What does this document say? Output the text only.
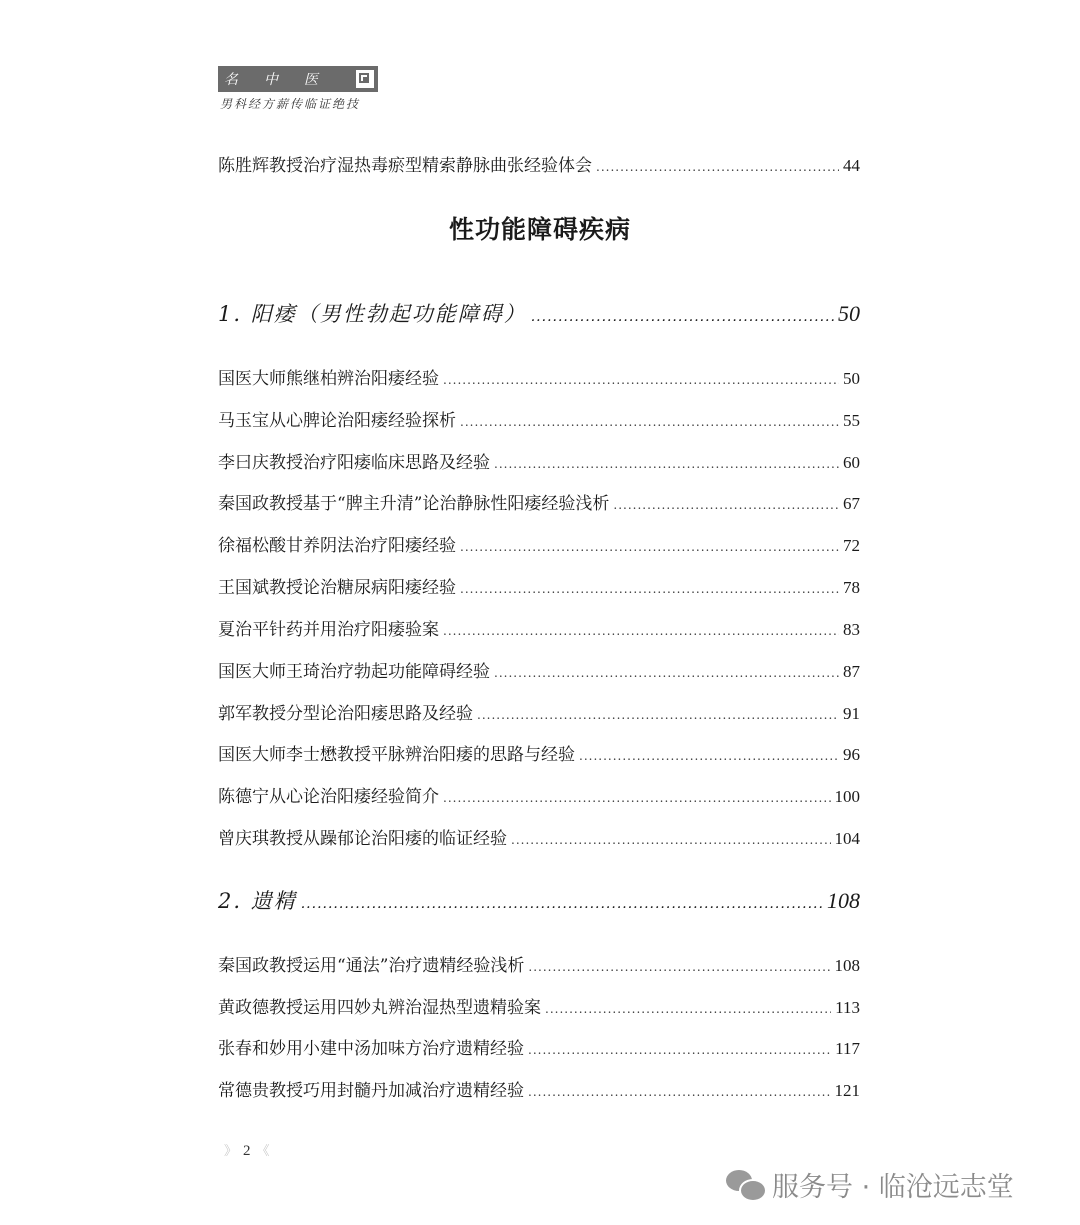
名中医
男科经方薪传临证绝技
陈胜辉教授治疗湿热毒瘀型精索静脉曲张经验体会 .....	44
性功能障碍疾病
1. 阳痿（男性勃起功能障碍） .....	50
国医大师熊继柏辨治阳痿经验 .....	50
马玉宝从心脾论治阳痿经验探析 .....	55
李曰庆教授治疗阳痿临床思路及经验 .....	60
秦国政教授基于“脾主升清”论治静脉性阳痿经验浅析 .....	67
徐福松酸甘养阴法治疗阳痿经验 .....	72
王国斌教授论治糖尿病阳痿经验 .....	78
夏治平针药并用治疗阳痿验案 .....	83
国医大师王琦治疗勃起功能障碍经验 .....	87
郭军教授分型论治阳痿思路及经验 .....	91
国医大师李士懋教授平脉辨治阳痿的思路与经验 .....	96
陈德宁从心论治阳痿经验简介 .....	100
曾庆琪教授从躁郁论治阳痿的临证经验 .....	104
2. 遗精 .....	108
秦国政教授运用“通法”治疗遗精经验浅析 .....	108
黄政德教授运用四妙丸辨治湿热型遗精验案 .....	113
张春和妙用小建中汤加味方治疗遗精经验 .....	117
常德贵教授巧用封髓丹加减治疗遗精经验 .....	121
》 2 《
服务号 · 临沧远志堂
